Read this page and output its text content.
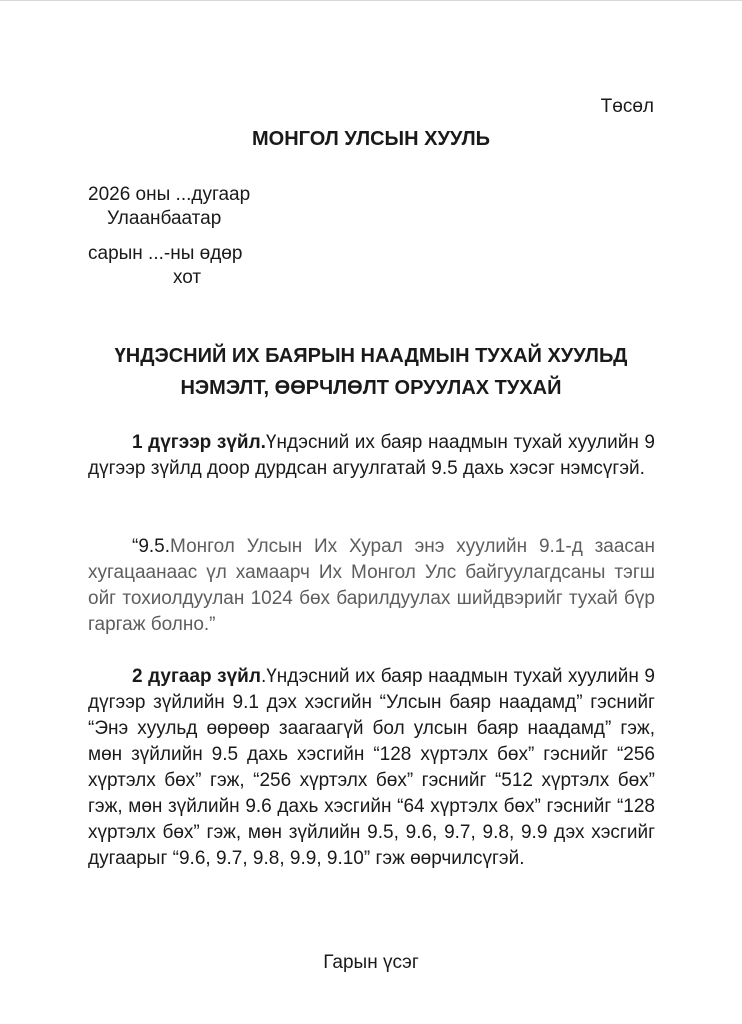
Төсөл

МОНГОЛ УЛСЫН ХУУЛЬ

2026 оны ...дугаар

Улаанбаатар

сарын ...-ны өдөр

хот

ҮНДЭСНИЙ ИХ БАЯРЫН НААДМЫН ТУХАЙ ХУУЛЬД
НЭМЭЛТ, ӨӨРЧЛӨЛТ ОРУУЛАХ ТУХАЙ

1 дүгээр зүйл.Үндэсний их баяр наадмын тухай хуулийн 9 дүгээр зүйлд доор дурдсан агуулгатай 9.5 дахь хэсэг нэмсүгэй.

“9.5.Монгол Улсын Их Хурал энэ хуулийн 9.1-д заасан хугацаанаас үл хамаарч Их Монгол Улс байгуулагдсаны тэгш ойг тохиолдуулан 1024 бөх барилдуулах шийдвэрийг тухай бүр гаргаж болно.”

2 дугаар зүйл.Үндэсний их баяр наадмын тухай хуулийн 9 дүгээр зүйлийн 9.1 дэх хэсгийн “Улсын баяр наадамд” гэснийг “Энэ хуульд өөрөөр заагаагүй бол улсын баяр наадамд” гэж, мөн зүйлийн 9.5 дахь хэсгийн “128 хүртэлх бөх” гэснийг “256 хүртэлх бөх” гэж, “256 хүртэлх бөх” гэснийг “512 хүртэлх бөх” гэж, мөн зүйлийн 9.6 дахь хэсгийн “64 хүртэлх бөх” гэснийг “128 хүртэлх бөх” гэж, мөн зүйлийн 9.5, 9.6, 9.7, 9.8, 9.9 дэх хэсгийг дугаарыг “9.6, 9.7, 9.8, 9.9, 9.10” гэж өөрчилсүгэй.

Гарын үсэг
